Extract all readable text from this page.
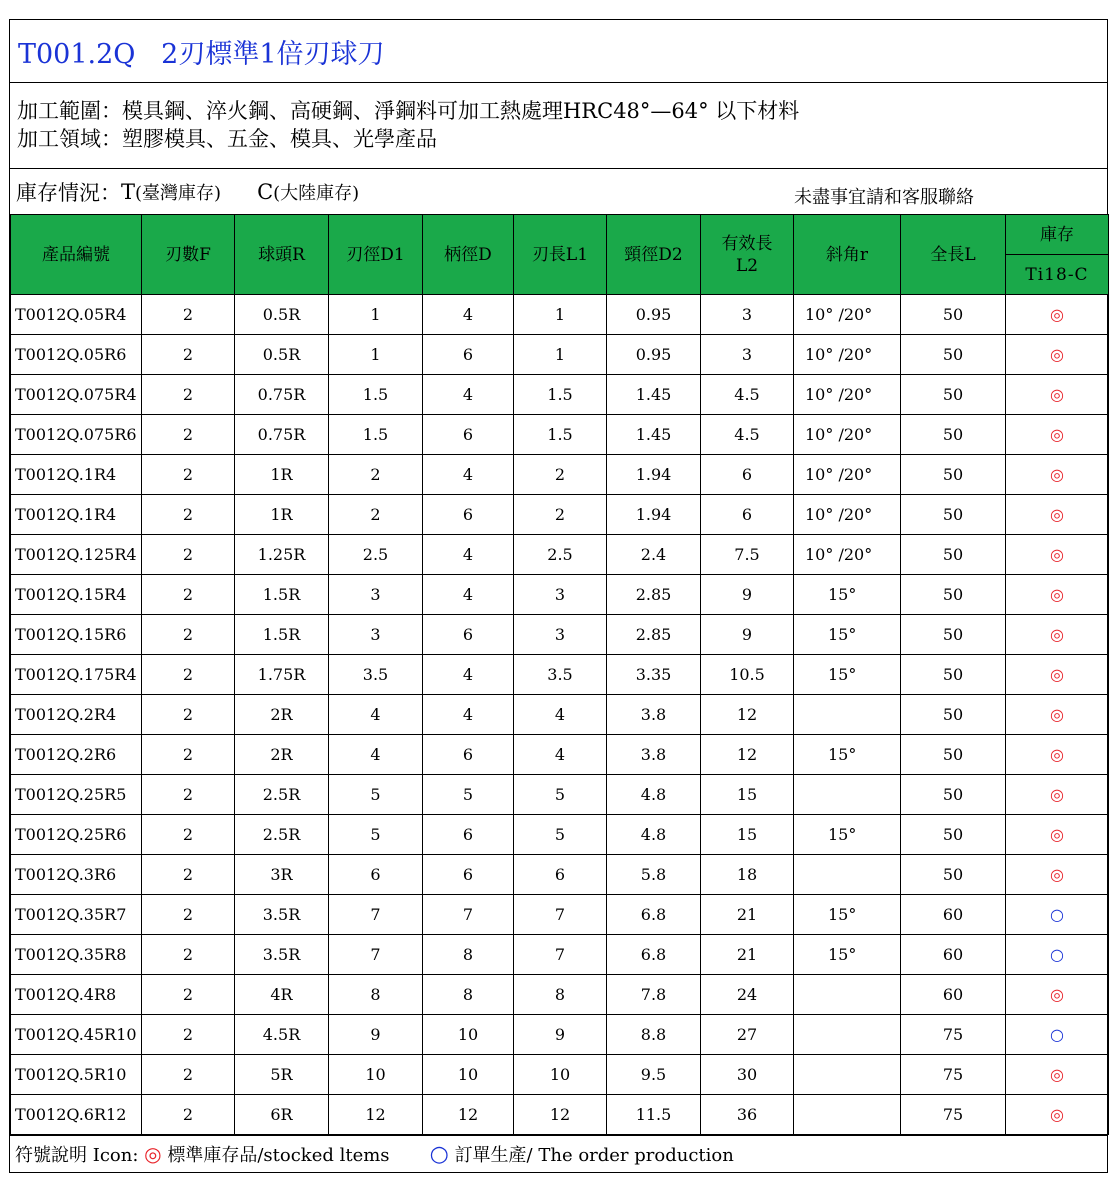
T001.2Q   2刃標準1倍刃球刀
加工範圍：模具鋼、淬火鋼、高硬鋼、淨鋼料可加工熱處理HRC48°—64° 以下材料
加工領域：塑膠模具、五金、模具、光學產品
庫存情況： T (臺灣庫存) C (大陸庫存)	未盡事宜請和客服聯絡
產品編號	刃數F	球頭R	刃徑D1	柄徑D	刃長L1	頸徑D2	有效長
L2	斜角r	全長L	庫存
										Ti18-C
T0012Q.05R4	2	0.5R	1	4	1	0.95	3	10° /20°	50	◎
T0012Q.05R6	2	0.5R	1	6	1	0.95	3	10° /20°	50	◎
T0012Q.075R4	2	0.75R	1.5	4	1.5	1.45	4.5	10° /20°	50	◎
T0012Q.075R6	2	0.75R	1.5	6	1.5	1.45	4.5	10° /20°	50	◎
T0012Q.1R4	2	1R	2	4	2	1.94	6	10° /20°	50	◎
T0012Q.1R4	2	1R	2	6	2	1.94	6	10° /20°	50	◎
T0012Q.125R4	2	1.25R	2.5	4	2.5	2.4	7.5	10° /20°	50	◎
T0012Q.15R4	2	1.5R	3	4	3	2.85	9	15°	50	◎
T0012Q.15R6	2	1.5R	3	6	3	2.85	9	15°	50	◎
T0012Q.175R4	2	1.75R	3.5	4	3.5	3.35	10.5	15°	50	◎
T0012Q.2R4	2	2R	4	4	4	3.8	12		50	◎
T0012Q.2R6	2	2R	4	6	4	3.8	12	15°	50	◎
T0012Q.25R5	2	2.5R	5	5	5	4.8	15		50	◎
T0012Q.25R6	2	2.5R	5	6	5	4.8	15	15°	50	◎
T0012Q.3R6	2	3R	6	6	6	5.8	18		50	◎
T0012Q.35R7	2	3.5R	7	7	7	6.8	21	15°	60	○
T0012Q.35R8	2	3.5R	7	8	7	6.8	21	15°	60	○
T0012Q.4R8	2	4R	8	8	8	7.8	24		60	◎
T0012Q.45R10	2	4.5R	9	10	9	8.8	27		75	○
T0012Q.5R10	2	5R	10	10	10	9.5	30		75	◎
T0012Q.6R12	2	6R	12	12	12	11.5	36		75	◎
符號說明 Icon:
◎
標準庫存品/stocked ltems
○
訂單生產/ The order production
